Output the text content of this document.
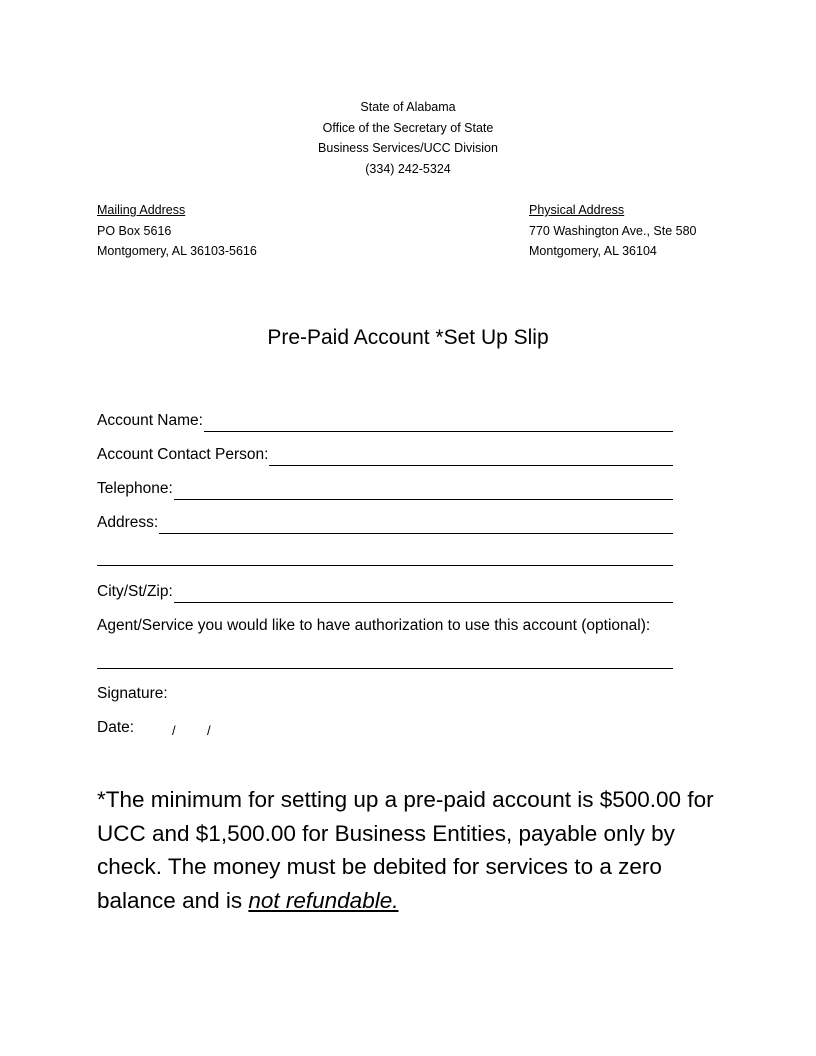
State of Alabama
Office of the Secretary of State
Business Services/UCC Division
(334) 242-5324
Mailing Address
PO Box 5616
Montgomery, AL 36103-5616
Physical Address
770 Washington Ave., Ste 580
Montgomery, AL 36104
Pre-Paid Account *Set Up Slip
Account Name:
Account Contact Person:
Telephone:
Address:
City/St/Zip:
Agent/Service you would like to have authorization to use this account (optional):
Signature:
Date:	/ /
*The minimum for setting up a pre-paid account is $500.00 for UCC and $1,500.00 for Business Entities, payable only by check. The money must be debited for services to a zero balance and is not refundable.
